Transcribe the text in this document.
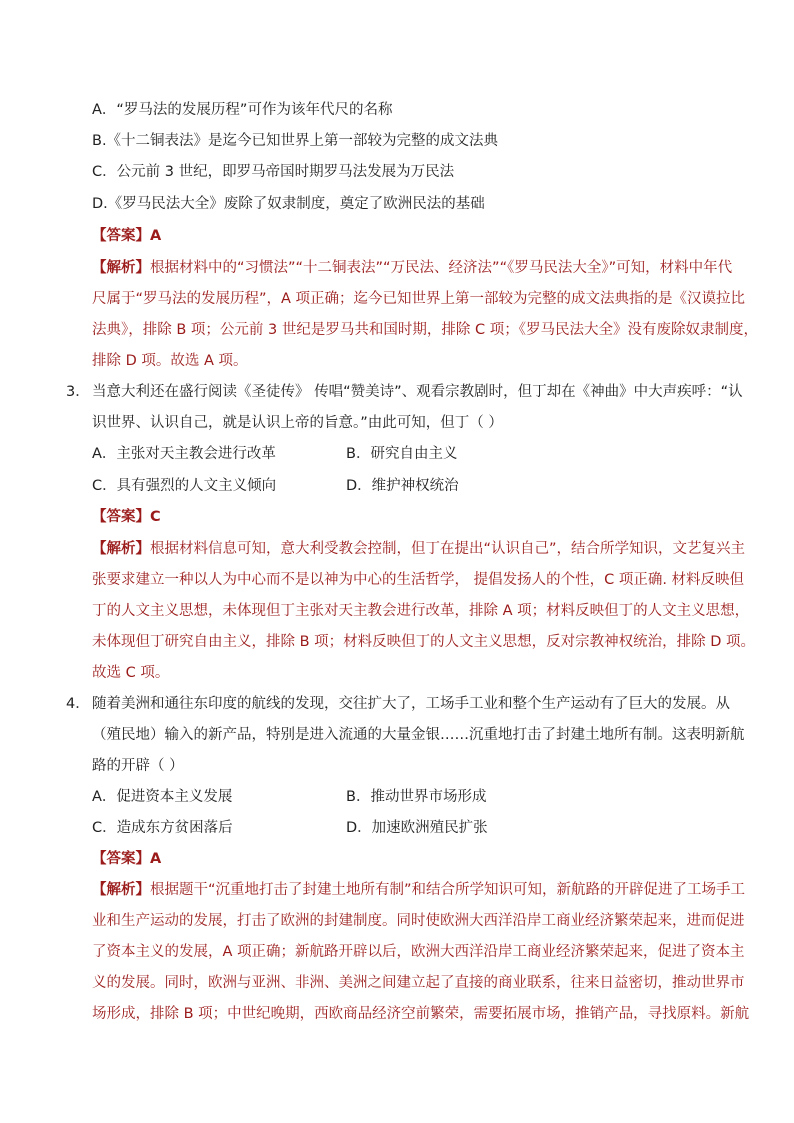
A．“罗马法的发展历程”可作为该年代尺的名称
B.《十二铜表法》是迄今已知世界上第一部较为完整的成文法典
C．公元前 3 世纪，即罗马帝国时期罗马法发展为万民法
D.《罗马民法大全》废除了奴隶制度，奠定了欧洲民法的基础
【答案】A
【解析】根据材料中的“习惯法”“十二铜表法”“万民法、经济法”“《罗马民法大全》”可知，材料中年代
尺属于“罗马法的发展历程”，A 项正确；迄今已知世界上第一部较为完整的成文法典指的是《汉谟拉比
法典》，排除 B 项；公元前 3 世纪是罗马共和国时期，排除 C 项；《罗马民法大全》没有废除奴隶制度，
排除 D 项。故选 A 项。
3． 当意大利还在盛行阅读《圣徒传》 传唱“赞美诗”、观看宗教剧时，但丁却在《神曲》中大声疾呼：“认
识世界、认识自己，就是认识上帝的旨意。”由此可知，但丁（ ）
A．主张对天主教会进行改革	B．研究自由主义
C．具有强烈的人文主义倾向	D．维护神权统治
【答案】C
【解析】根据材料信息可知，意大利受教会控制，但丁在提出“认识自己”，结合所学知识，文艺复兴主
张要求建立一种以人为中心而不是以神为中心的生活哲学， 提倡发扬人的个性，C 项正确. 材料反映但
丁的人文主义思想，未体现但丁主张对天主教会进行改革，排除 A 项；材料反映但丁的人文主义思想，
未体现但丁研究自由主义，排除 B 项；材料反映但丁的人文主义思想，反对宗教神权统治，排除 D 项。
故选 C 项。
4． 随着美洲和通往东印度的航线的发现，交往扩大了，工场手工业和整个生产运动有了巨大的发展。从
（殖民地）输入的新产品，特别是进入流通的大量金银……沉重地打击了封建土地所有制。这表明新航
路的开辟（ ）
A．促进资本主义发展	B．推动世界市场形成
C．造成东方贫困落后	D．加速欧洲殖民扩张
【答案】A
【解析】根据题干“沉重地打击了封建土地所有制”和结合所学知识可知，新航路的开辟促进了工场手工
业和生产运动的发展，打击了欧洲的封建制度。同时使欧洲大西洋沿岸工商业经济繁荣起来，进而促进
了资本主义的发展，A 项正确；新航路开辟以后，欧洲大西洋沿岸工商业经济繁荣起来，促进了资本主
义的发展。同时，欧洲与亚洲、非洲、美洲之间建立起了直接的商业联系，往来日益密切，推动世界市
场形成，排除 B 项；中世纪晚期，西欧商品经济空前繁荣，需要拓展市场，推销产品，寻找原料。新航
